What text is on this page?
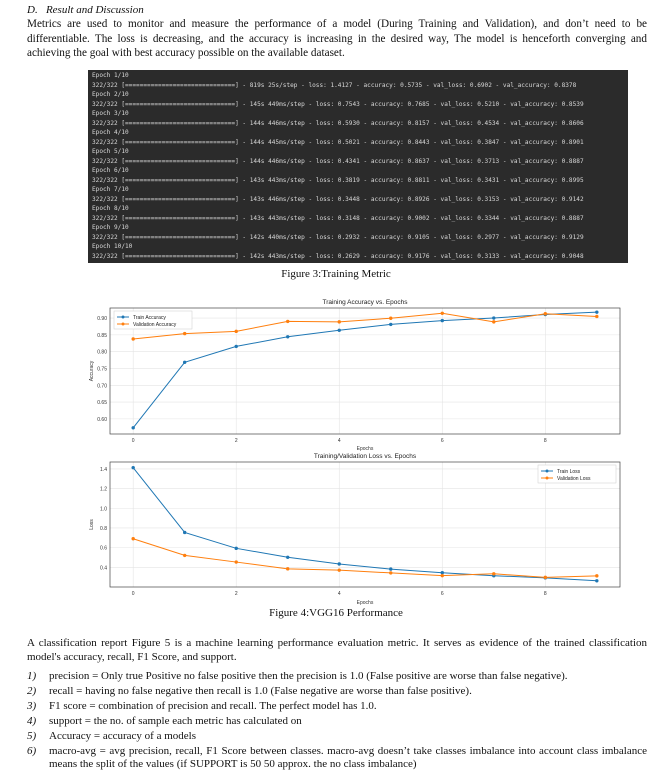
D.   Result and Discussion
Metrics are used to monitor and measure the performance of a model (During Training and Validation), and don’t need to be differentiable. The loss is decreasing, and the accuracy is increasing in the desired way, The model is henceforth converging and achieving the goal with best accuracy possible on the available dataset.
Epoch 1/10
322/322 [==============================] - 819s 25s/step - loss: 1.4127 - accuracy: 0.5735 - val_loss: 0.6902 - val_accuracy: 0.8378
Epoch 2/10
322/322 [==============================] - 145s 449ms/step - loss: 0.7543 - accuracy: 0.7685 - val_loss: 0.5210 - val_accuracy: 0.8539
Epoch 3/10
322/322 [==============================] - 144s 446ms/step - loss: 0.5930 - accuracy: 0.8157 - val_loss: 0.4534 - val_accuracy: 0.8606
Epoch 4/10
322/322 [==============================] - 144s 445ms/step - loss: 0.5021 - accuracy: 0.8443 - val_loss: 0.3847 - val_accuracy: 0.8901
Epoch 5/10
322/322 [==============================] - 144s 446ms/step - loss: 0.4341 - accuracy: 0.8637 - val_loss: 0.3713 - val_accuracy: 0.8887
Epoch 6/10
322/322 [==============================] - 143s 443ms/step - loss: 0.3819 - accuracy: 0.8811 - val_loss: 0.3431 - val_accuracy: 0.8995
Epoch 7/10
322/322 [==============================] - 143s 446ms/step - loss: 0.3448 - accuracy: 0.8926 - val_loss: 0.3153 - val_accuracy: 0.9142
Epoch 8/10
322/322 [==============================] - 143s 443ms/step - loss: 0.3148 - accuracy: 0.9002 - val_loss: 0.3344 - val_accuracy: 0.8887
Epoch 9/10
322/322 [==============================] - 142s 440ms/step - loss: 0.2932 - accuracy: 0.9105 - val_loss: 0.2977 - val_accuracy: 0.9129
Epoch 10/10
322/322 [==============================] - 142s 443ms/step - loss: 0.2629 - accuracy: 0.9176 - val_loss: 0.3133 - val_accuracy: 0.9048
Figure 3:Training Metric
Training Accuracy vs. Epochs
0.60
0.65
0.70
0.75
0.80
0.85
0.90
0	2	4	6	8
Epochs
Accuracy
Train Accuracy
Validation Accuracy
Training/Validation Loss vs. Epochs
0.4
0.6
0.8
1.0
1.2
1.4
0	2	4	6	8
Epochs
Loss
Train Loss
Validation Loss
Figure 4:VGG16 Performance
A classification report Figure 5 is a machine learning performance evaluation metric. It serves as evidence of the trained classification model's accuracy, recall, F1 Score, and support.
1) precision = Only true Positive no false positive then the precision is 1.0 (False positive are worse than false negative).
2) recall = having no false negative then recall is 1.0 (False negative are worse than false positive).
3) F1 score = combination of precision and recall. The perfect model has 1.0.
4) support = the no. of sample each metric has calculated on
5) Accuracy = accuracy of a models
6) macro-avg = avg precision, recall, F1 Score between classes. macro-avg doesn’t take classes imbalance into account class imbalance means the split of the values (if SUPPORT is 50 50 approx. the no class imbalance)
